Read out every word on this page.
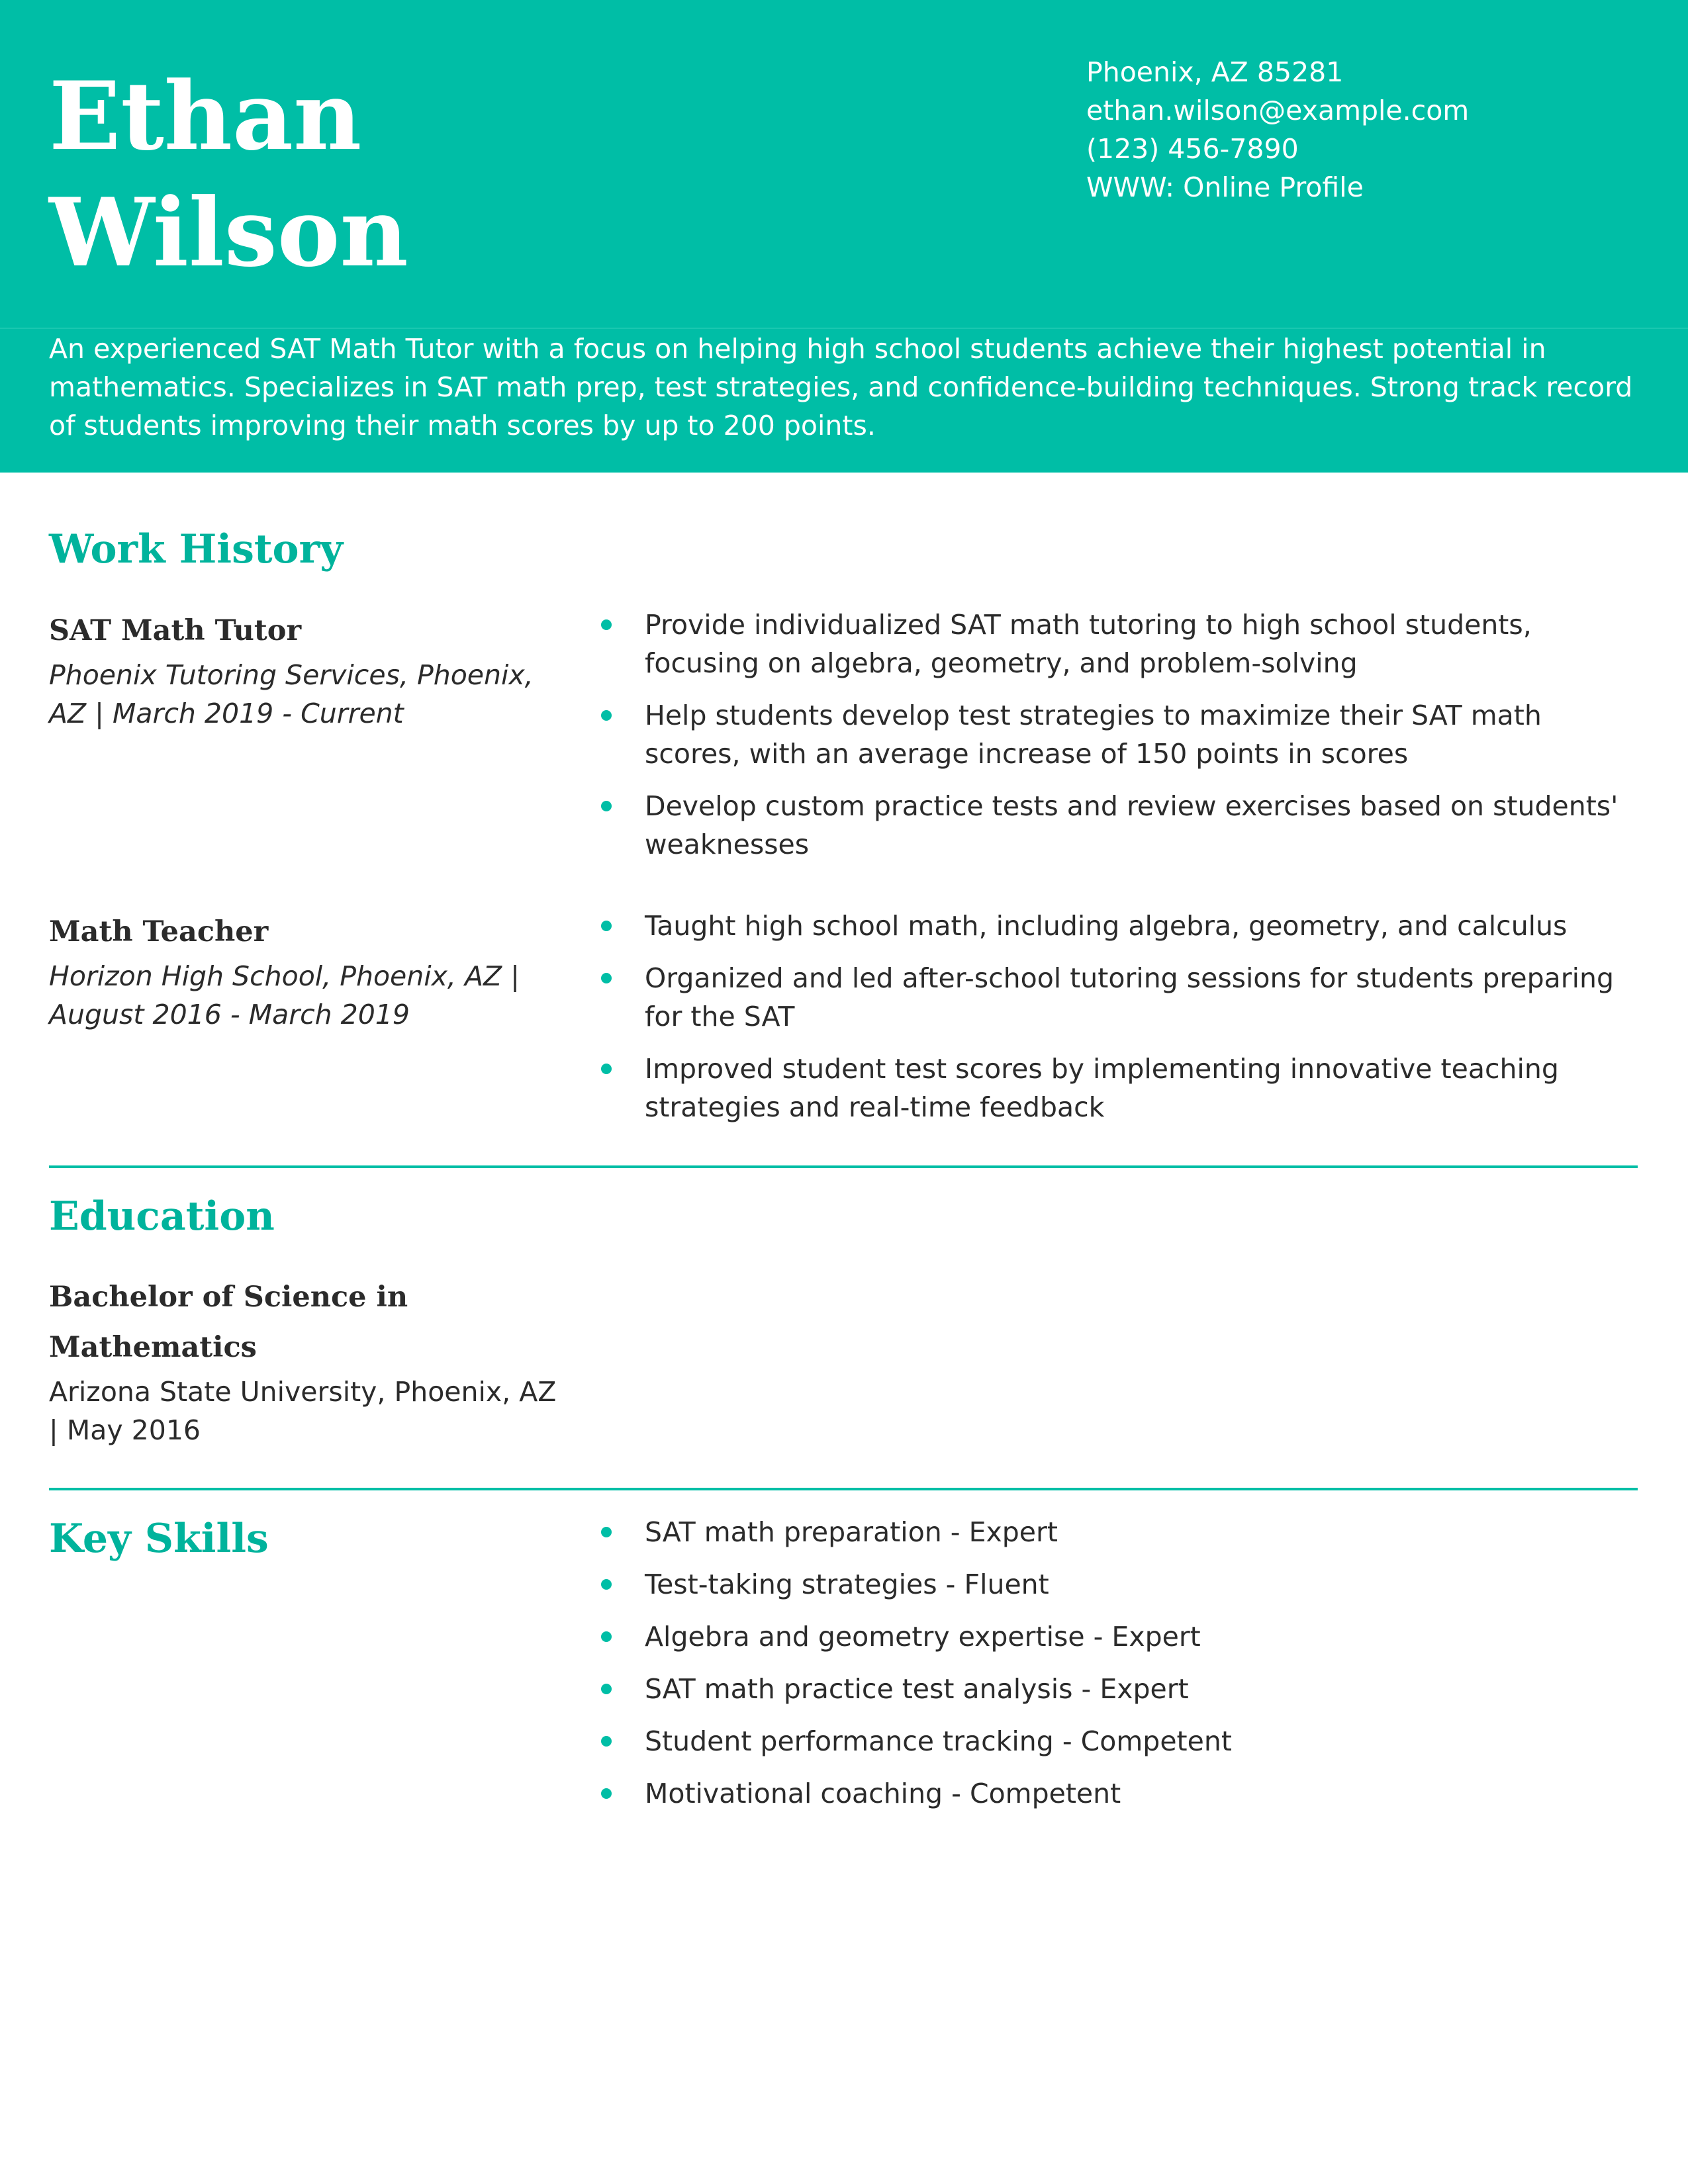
Ethan
Wilson
Phoenix, AZ 85281
ethan.wilson@example.com
(123) 456-7890
WWW: Online Profile
An experienced SAT Math Tutor with a focus on helping high school students achieve their highest potential in mathematics. Specializes in SAT math prep, test strategies, and confidence-building techniques. Strong track record of students improving their math scores by up to 200 points.
Work History
SAT Math Tutor
Phoenix Tutoring Services, Phoenix, AZ | March 2019 - Current
Provide individualized SAT math tutoring to high school students, focusing on algebra, geometry, and problem-solving
Help students develop test strategies to maximize their SAT math scores, with an average increase of 150 points in scores
Develop custom practice tests and review exercises based on students' weaknesses
Math Teacher
Horizon High School, Phoenix, AZ | August 2016 - March 2019
Taught high school math, including algebra, geometry, and calculus
Organized and led after-school tutoring sessions for students preparing for the SAT
Improved student test scores by implementing innovative teaching strategies and real-time feedback
Education
Bachelor of Science in Mathematics
Arizona State University, Phoenix, AZ | May 2016
Key Skills	SAT math preparation - Expert
Test-taking strategies - Fluent
Algebra and geometry expertise - Expert
SAT math practice test analysis - Expert
Student performance tracking - Competent
Motivational coaching - Competent
